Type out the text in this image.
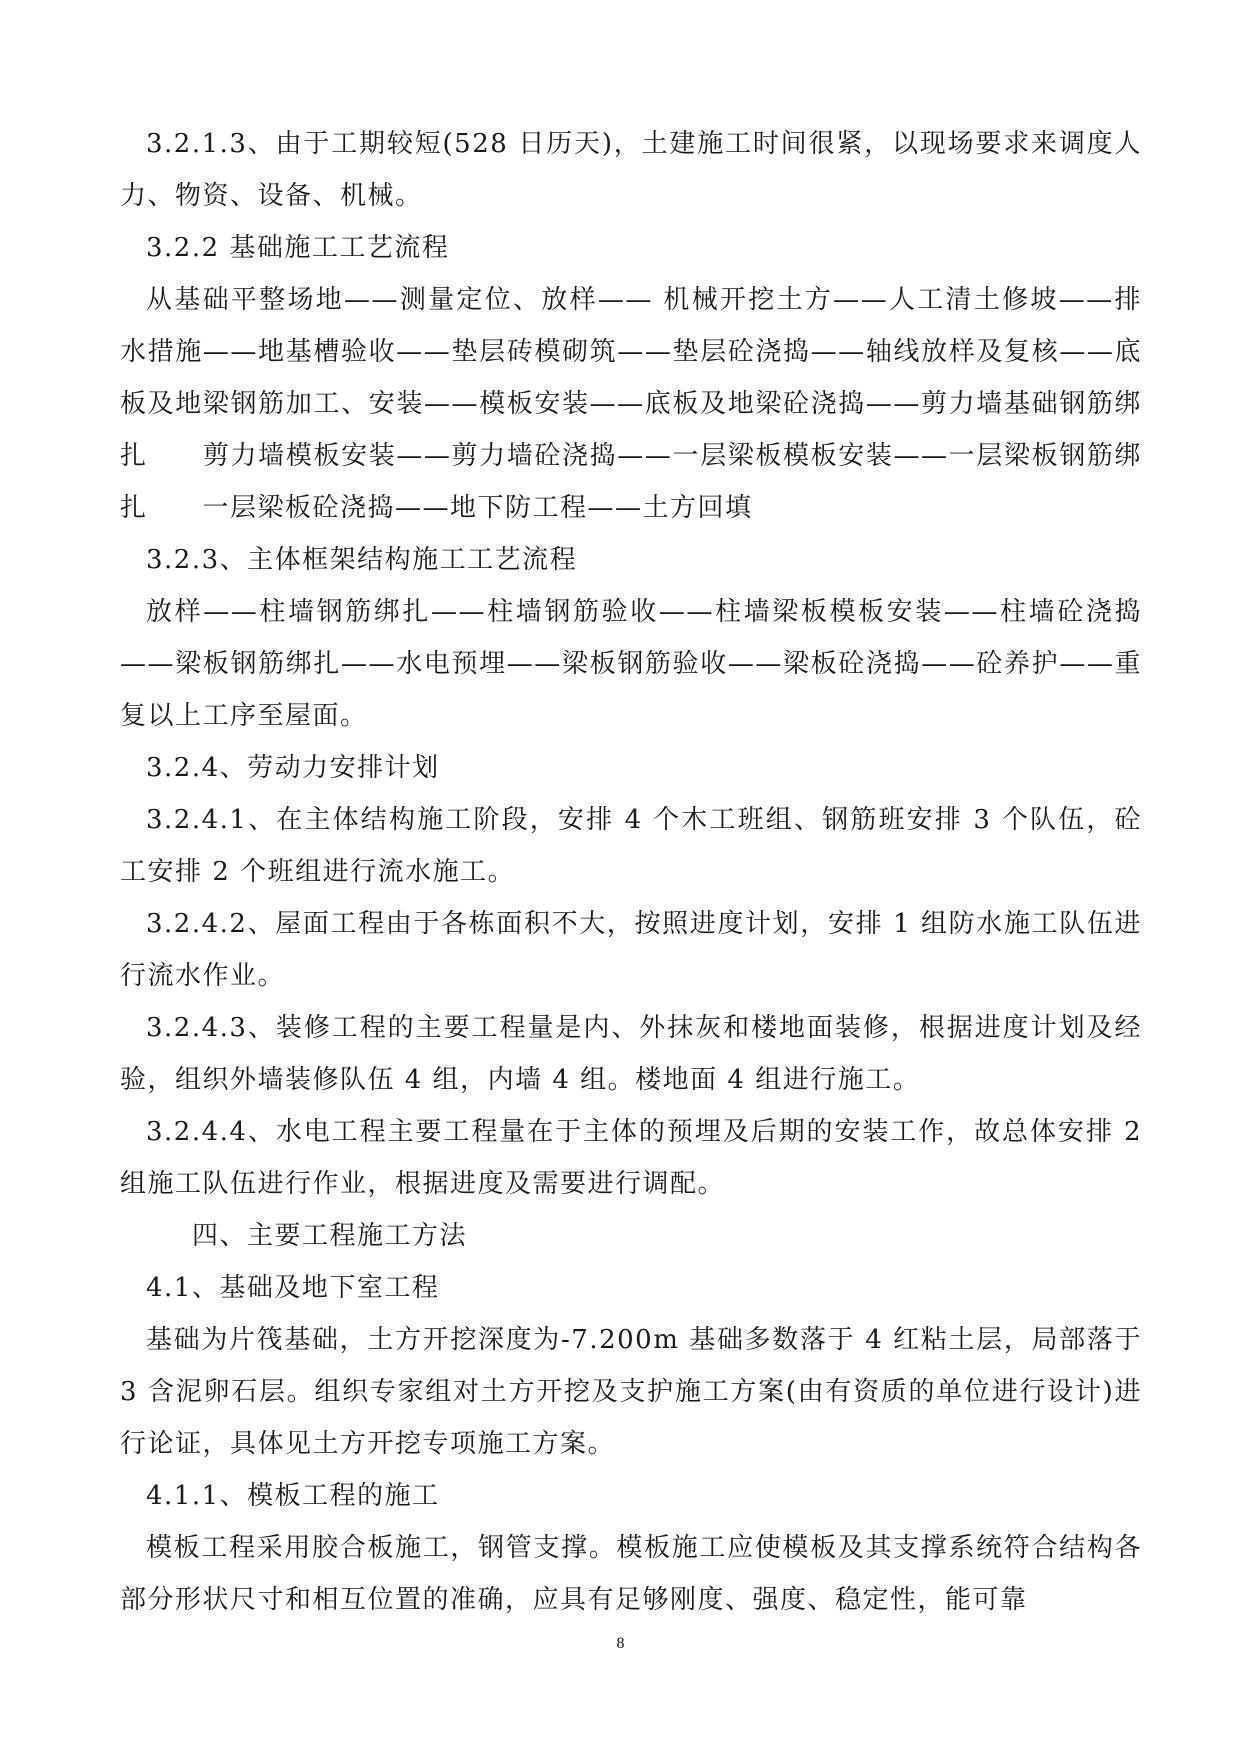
3.2.1.3、由于工期较短(528 日历天)，土建施工时间很紧，以现场要求来调度人力、物资、设备、机械。

3.2.2 基础施工工艺流程

从基础平整场地——测量定位、放样—— 机械开挖土方——人工清土修坡——排水措施——地基槽验收——垫层砖模砌筑——垫层砼浇捣——轴线放样及复核——底板及地梁钢筋加工、安装——模板安装——底板及地梁砼浇捣——剪力墙基础钢筋绑扎　　剪力墙模板安装——剪力墙砼浇捣——一层梁板模板安装——一层梁板钢筋绑扎　　一层梁板砼浇捣——地下防工程——土方回填

3.2.3、主体框架结构施工工艺流程

放样——柱墙钢筋绑扎——柱墙钢筋验收——柱墙梁板模板安装——柱墙砼浇捣——梁板钢筋绑扎——水电预埋——梁板钢筋验收——梁板砼浇捣——砼养护——重复以上工序至屋面。

3.2.4、劳动力安排计划

3.2.4.1、在主体结构施工阶段，安排 4 个木工班组、钢筋班安排 3 个队伍，砼工安排 2 个班组进行流水施工。

3.2.4.2、屋面工程由于各栋面积不大，按照进度计划，安排 1 组防水施工队伍进行流水作业。

3.2.4.3、装修工程的主要工程量是内、外抹灰和楼地面装修，根据进度计划及经验，组织外墙装修队伍 4 组，内墙 4 组。楼地面 4 组进行施工。

3.2.4.4、水电工程主要工程量在于主体的预埋及后期的安装工作，故总体安排 2 组施工队伍进行作业，根据进度及需要进行调配。

四、主要工程施工方法

4.1、基础及地下室工程

基础为片筏基础，土方开挖深度为-7.200m 基础多数落于 4 红粘土层，局部落于 3 含泥卵石层。组织专家组对土方开挖及支护施工方案(由有资质的单位进行设计)进行论证，具体见土方开挖专项施工方案。

4.1.1、模板工程的施工

模板工程采用胶合板施工，钢管支撑。模板施工应使模板及其支撑系统符合结构各部分形状尺寸和相互位置的准确，应具有足够刚度、强度、稳定性，能可靠

8
